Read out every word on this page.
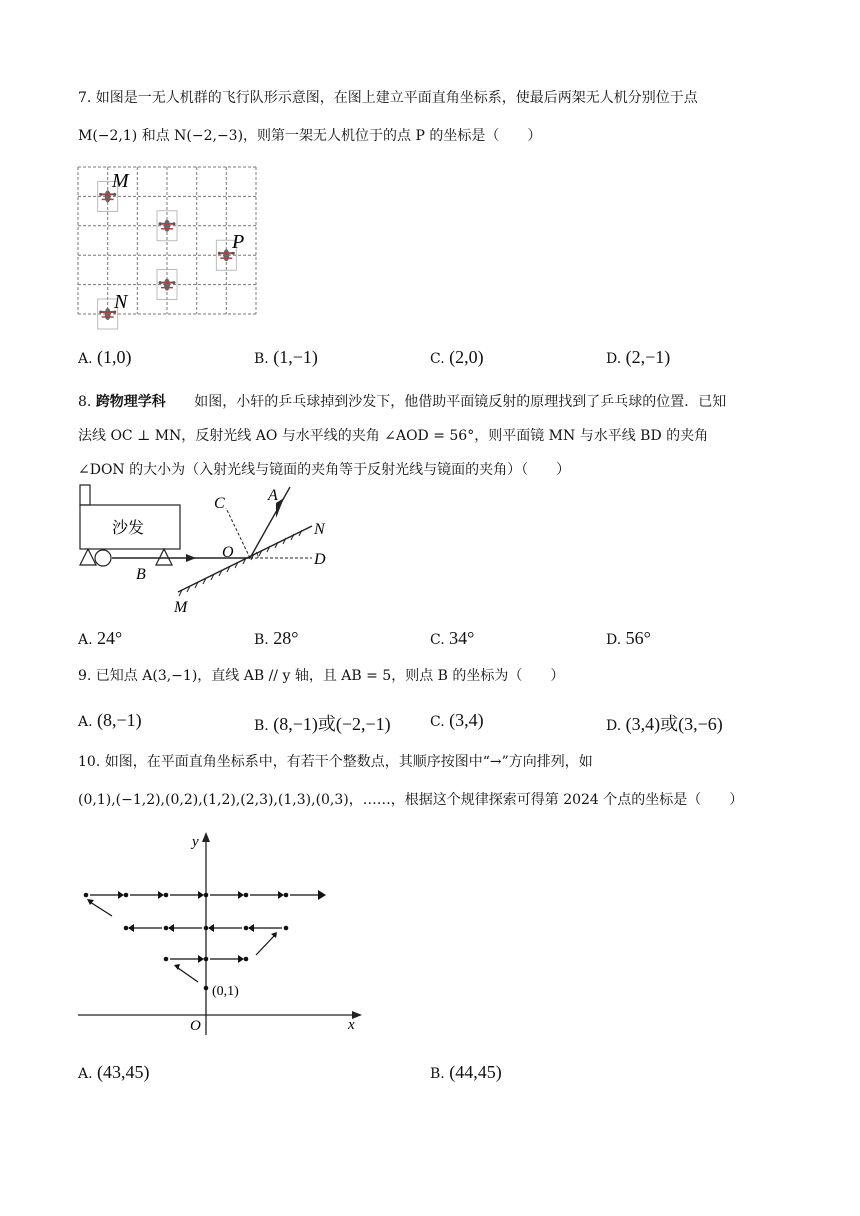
7. 如图是一无人机群的飞行队形示意图，在图上建立平面直角坐标系，使最后两架无人机分别位于点
M(−2,1) 和点 N(−2,−3)，则第一架无人机位于的点 P 的坐标是（　　）
M
P
N
A. (1,0)	B. (1,−1)	C. (2,0)	D. (2,−1)
8. 跨物理学科 如图，小轩的乒乓球掉到沙发下，他借助平面镜反射的原理找到了乒乓球的位置．已知
法线 OC ⊥ MN，反射光线 AO 与水平线的夹角 ∠AOD = 56°，则平面镜 MN 与水平线 BD 的夹角
∠DON 的大小为（入射光线与镜面的夹角等于反射光线与镜面的夹角）（　　）
沙发
C	A
N
O	D
B
M
A. 24°	B. 28°	C. 34°	D. 56°
9. 已知点 A(3,−1)，直线 AB // y 轴，且 AB = 5，则点 B 的坐标为（　　）
A. (8,−1)	B. (8,−1)或(−2,−1)	C. (3,4)	D. (3,4)或(3,−6)
10. 如图，在平面直角坐标系中，有若干个整数点，其顺序按图中“→”方向排列，如
(0,1),(−1,2),(0,2),(1,2),(2,3),(1,3),(0,3)，……，根据这个规律探索可得第 2024 个点的坐标是（　　）
y
x
O
(0,1)
A. (43,45)	B. (44,45)
